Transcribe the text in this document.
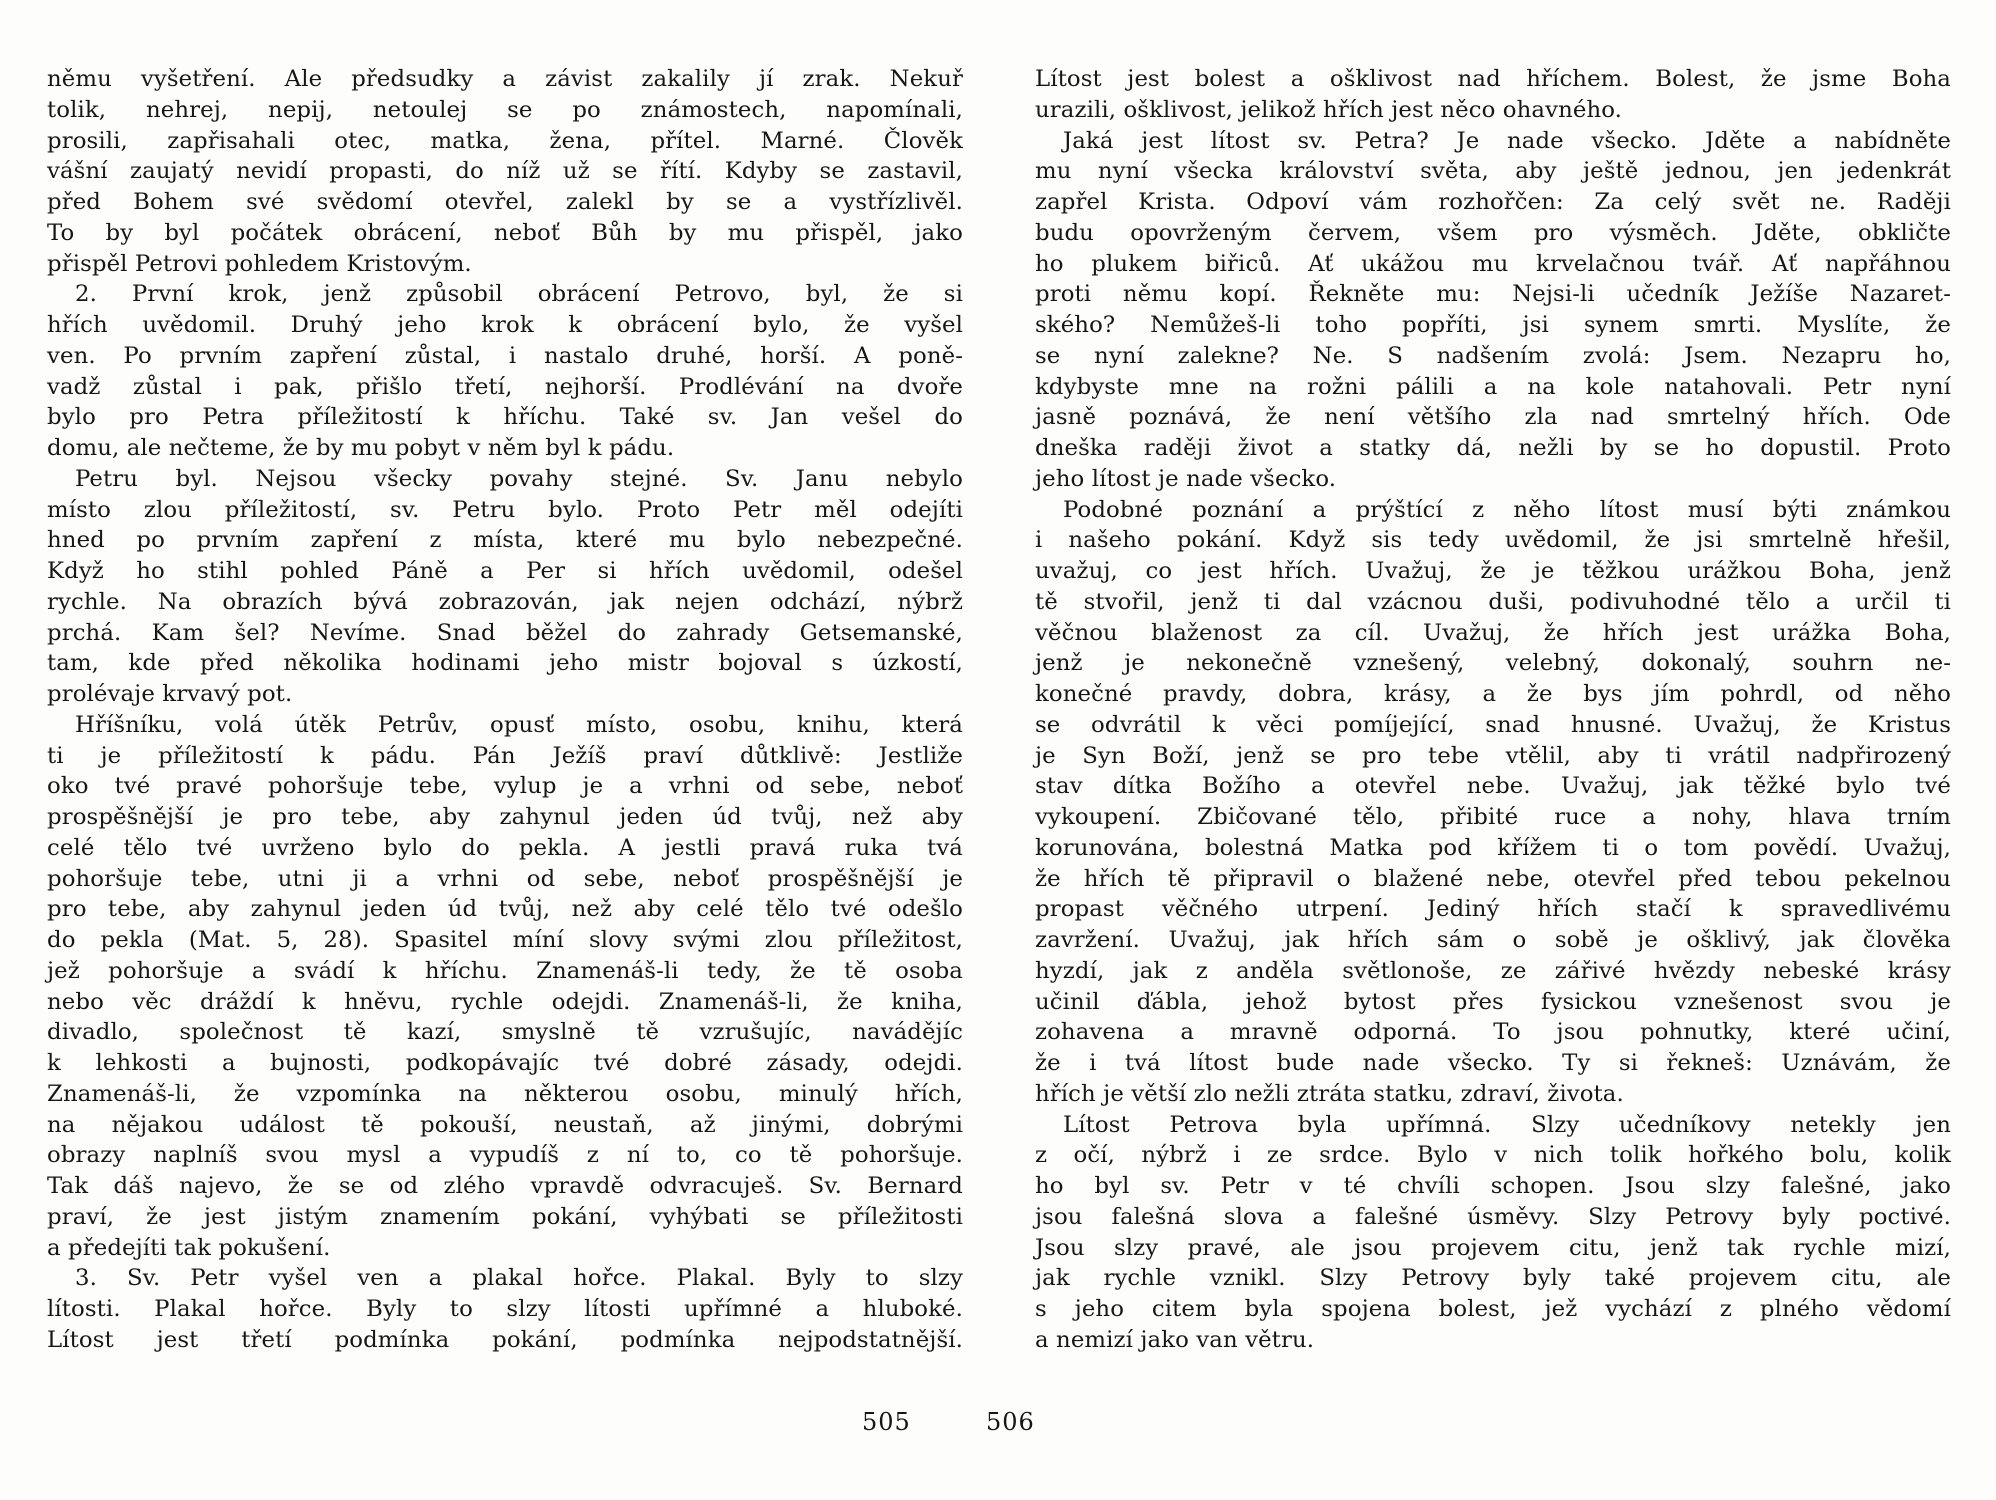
němu vyšetření. Ale předsudky a závist zakalily jí zrak. Nekuř
tolik, nehrej, nepij, netoulej se po známostech, napomínali,
prosili, zapřisahali otec, matka, žena, přítel. Marné. Člověk
vášní zaujatý nevidí propasti, do níž už se řítí. Kdyby se zastavil,
před Bohem své svědomí otevřel, zalekl by se a vystřízlivěl.
To by byl počátek obrácení, neboť Bůh by mu přispěl, jako
přispěl Petrovi pohledem Kristovým.
2. První krok, jenž způsobil obrácení Petrovo, byl, že si
hřích uvědomil. Druhý jeho krok k obrácení bylo, že vyšel
ven. Po prvním zapření zůstal, i nastalo druhé, horší. A poně-
vadž zůstal i pak, přišlo třetí, nejhorší. Prodlévání na dvoře
bylo pro Petra příležitostí k hříchu. Také sv. Jan vešel do
domu, ale nečteme, že by mu pobyt v něm byl k pádu.
Petru byl. Nejsou všecky povahy stejné. Sv. Janu nebylo
místo zlou příležitostí, sv. Petru bylo. Proto Petr měl odejíti
hned po prvním zapření z místa, které mu bylo nebezpečné.
Když ho stihl pohled Páně a Per si hřích uvědomil, odešel
rychle. Na obrazích bývá zobrazován, jak nejen odchází, nýbrž
prchá. Kam šel? Nevíme. Snad běžel do zahrady Getsemanské,
tam, kde před několika hodinami jeho mistr bojoval s úzkostí,
prolévaje krvavý pot.
Hříšníku, volá útěk Petrův, opusť místo, osobu, knihu, která
ti je příležitostí k pádu. Pán Ježíš praví důtklivě: Jestliže
oko tvé pravé pohoršuje tebe, vylup je a vrhni od sebe, neboť
prospěšnější je pro tebe, aby zahynul jeden úd tvůj, než aby
celé tělo tvé uvrženo bylo do pekla. A jestli pravá ruka tvá
pohoršuje tebe, utni ji a vrhni od sebe, neboť prospěšnější je
pro tebe, aby zahynul jeden úd tvůj, než aby celé tělo tvé odešlo
do pekla (Mat. 5, 28). Spasitel míní slovy svými zlou příležitost,
jež pohoršuje a svádí k hříchu. Znamenáš-li tedy, že tě osoba
nebo věc dráždí k hněvu, rychle odejdi. Znamenáš-li, že kniha,
divadlo, společnost tě kazí, smyslně tě vzrušujíc, navádějíc
k lehkosti a bujnosti, podkopávajíc tvé dobré zásady, odejdi.
Znamenáš-li, že vzpomínka na některou osobu, minulý hřích,
na nějakou událost tě pokouší, neustaň, až jinými, dobrými
obrazy naplníš svou mysl a vypudíš z ní to, co tě pohoršuje.
Tak dáš najevo, že se od zlého vpravdě odvracuješ. Sv. Bernard
praví, že jest jistým znamením pokání, vyhýbati se příležitosti
a předejíti tak pokušení.
3. Sv. Petr vyšel ven a plakal hořce. Plakal. Byly to slzy
lítosti. Plakal hořce. Byly to slzy lítosti upřímné a hluboké.
Lítost jest třetí podmínka pokání, podmínka nejpodstatnější.
Lítost jest bolest a ošklivost nad hříchem. Bolest, že jsme Boha
urazili, ošklivost, jelikož hřích jest něco ohavného.
Jaká jest lítost sv. Petra? Je nade všecko. Jděte a nabídněte
mu nyní všecka království světa, aby ještě jednou, jen jedenkrát
zapřel Krista. Odpoví vám rozhořčen: Za celý svět ne. Raději
budu opovrženým červem, všem pro výsměch. Jděte, obkličte
ho plukem biřiců. Ať ukážou mu krvelačnou tvář. Ať napřáhnou
proti němu kopí. Řekněte mu: Nejsi-li učedník Ježíše Nazaret-
ského? Nemůžeš-li toho popříti, jsi synem smrti. Myslíte, že
se nyní zalekne? Ne. S nadšením zvolá: Jsem. Nezapru ho,
kdybyste mne na rožni pálili a na kole natahovali. Petr nyní
jasně poznává, že není většího zla nad smrtelný hřích. Ode
dneška raději život a statky dá, nežli by se ho dopustil. Proto
jeho lítost je nade všecko.
Podobné poznání a prýštící z něho lítost musí býti známkou
i našeho pokání. Když sis tedy uvědomil, že jsi smrtelně hřešil,
uvažuj, co jest hřích. Uvažuj, že je těžkou urážkou Boha, jenž
tě stvořil, jenž ti dal vzácnou duši, podivuhodné tělo a určil ti
věčnou blaženost za cíl. Uvažuj, že hřích jest urážka Boha,
jenž je nekonečně vznešený, velebný, dokonalý, souhrn ne-
konečné pravdy, dobra, krásy, a že bys jím pohrdl, od něho
se odvrátil k věci pomíjející, snad hnusné. Uvažuj, že Kristus
je Syn Boží, jenž se pro tebe vtělil, aby ti vrátil nadpřirozený
stav dítka Božího a otevřel nebe. Uvažuj, jak těžké bylo tvé
vykoupení. Zbičované tělo, přibité ruce a nohy, hlava trním
korunována, bolestná Matka pod křížem ti o tom povědí. Uvažuj,
že hřích tě připravil o blažené nebe, otevřel před tebou pekelnou
propast věčného utrpení. Jediný hřích stačí k spravedlivému
zavržení. Uvažuj, jak hřích sám o sobě je ošklivý, jak člověka
hyzdí, jak z anděla světlonoše, ze zářivé hvězdy nebeské krásy
učinil ďábla, jehož bytost přes fysickou vznešenost svou je
zohavena a mravně odporná. To jsou pohnutky, které učiní,
že i tvá lítost bude nade všecko. Ty si řekneš: Uznávám, že
hřích je větší zlo nežli ztráta statku, zdraví, života.
Lítost Petrova byla upřímná. Slzy učedníkovy netekly jen
z očí, nýbrž i ze srdce. Bylo v nich tolik hořkého bolu, kolik
ho byl sv. Petr v té chvíli schopen. Jsou slzy falešné, jako
jsou falešná slova a falešné úsměvy. Slzy Petrovy byly poctivé.
Jsou slzy pravé, ale jsou projevem citu, jenž tak rychle mizí,
jak rychle vznikl. Slzy Petrovy byly také projevem citu, ale
s jeho citem byla spojena bolest, jež vychází z plného vědomí
a nemizí jako van větru.
505	506
